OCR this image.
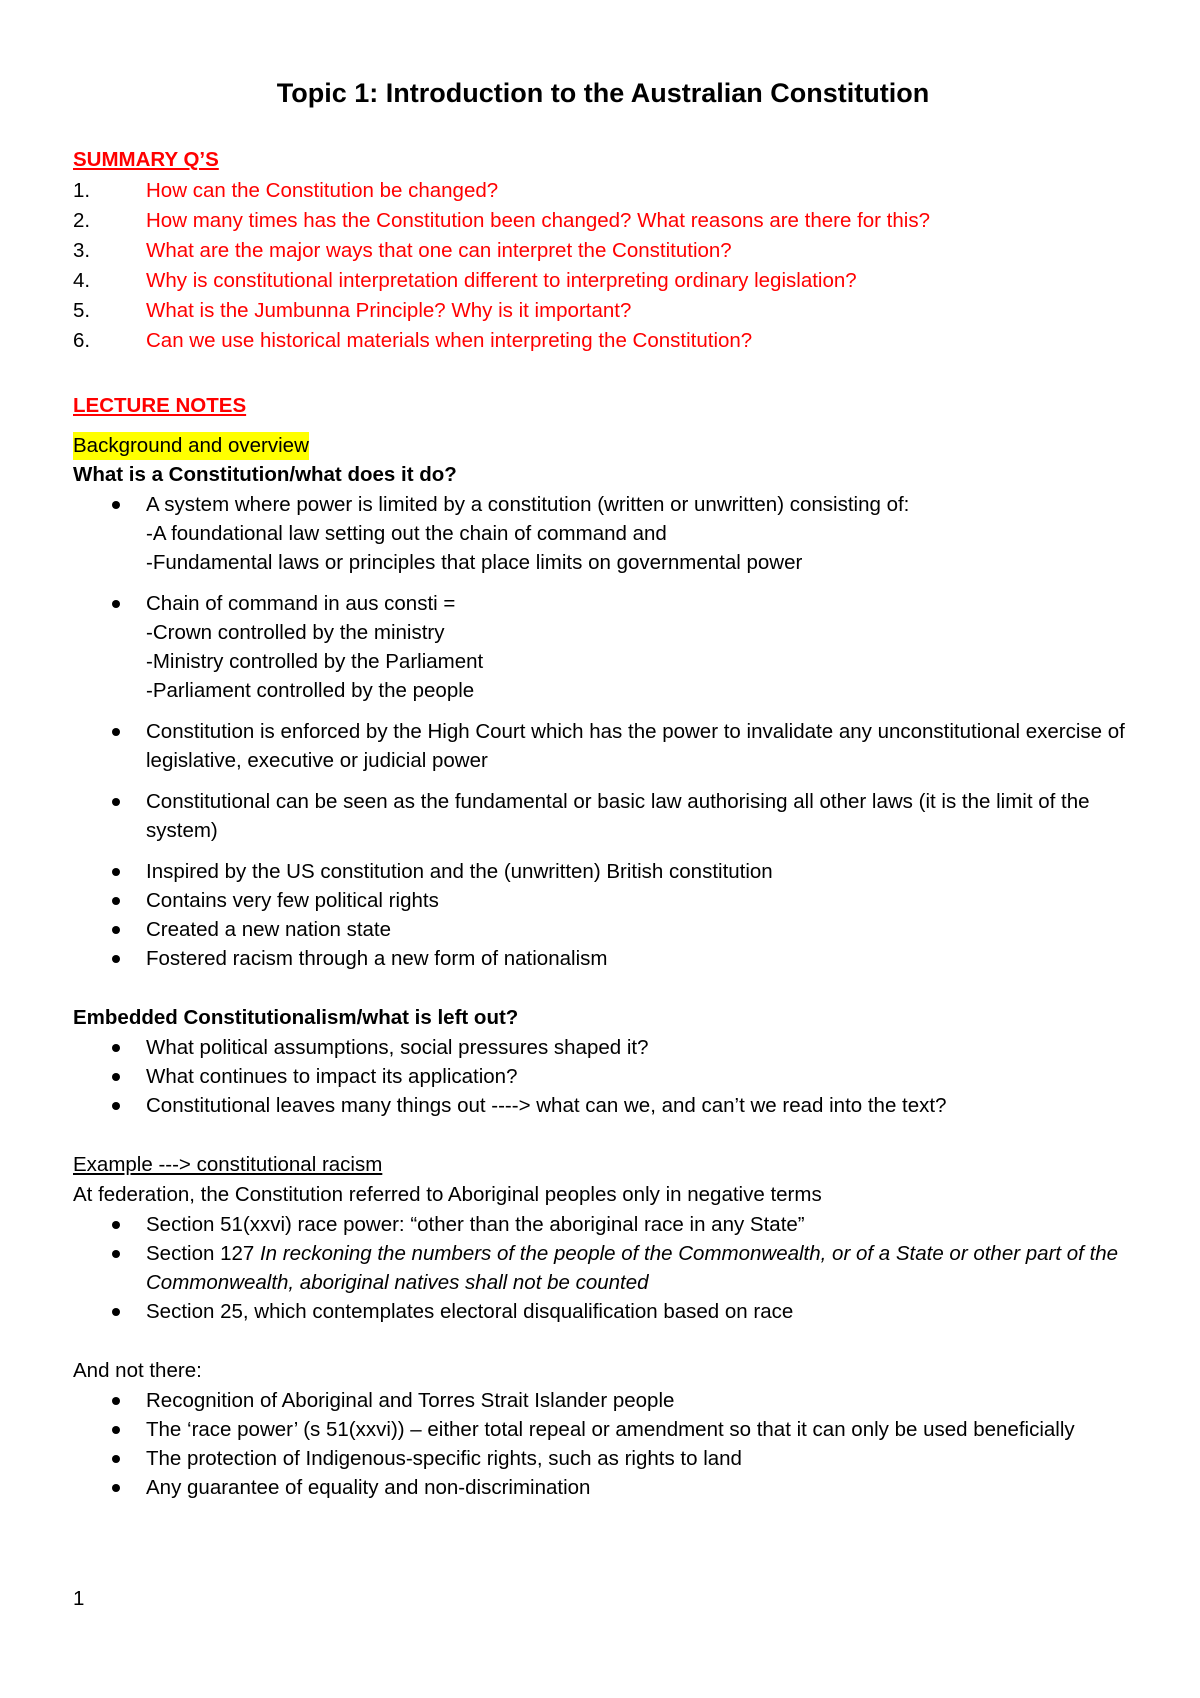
Topic 1: Introduction to the Australian Constitution

SUMMARY Q’S

1.	How can the Constitution be changed?
2.	How many times has the Constitution been changed? What reasons are there for this?
3.	What are the major ways that one can interpret the Constitution?
4.	Why is constitutional interpretation different to interpreting ordinary legislation?
5.	What is the Jumbunna Principle? Why is it important?
6.	Can we use historical materials when interpreting the Constitution?

LECTURE NOTES

Background and overview

What is a Constitution/what does it do?

A system where power is limited by a constitution (written or unwritten) consisting of:
-A foundational law setting out the chain of command and
-Fundamental laws or principles that place limits on governmental power
Chain of command in aus consti =
-Crown controlled by the ministry
-Ministry controlled by the Parliament
-Parliament controlled by the people
Constitution is enforced by the High Court which has the power to invalidate any unconstitutional exercise of legislative, executive or judicial power
Constitutional can be seen as the fundamental or basic law authorising all other laws (it is the limit of the system)
Inspired by the US constitution and the (unwritten) British constitution
Contains very few political rights
Created a new nation state
Fostered racism through a new form of nationalism

Embedded Constitutionalism/what is left out?

What political assumptions, social pressures shaped it?
What continues to impact its application?
Constitutional leaves many things out ----> what can we, and can’t we read into the text?

Example ---> constitutional racism

At federation, the Constitution referred to Aboriginal peoples only in negative terms

Section 51(xxvi) race power: “other than the aboriginal race in any State”
Section 127 In reckoning the numbers of the people of the Commonwealth, or of a State or other part of the Commonwealth, aboriginal natives shall not be counted
Section 25, which contemplates electoral disqualification based on race

And not there:

Recognition of Aboriginal and Torres Strait Islander people
The ‘race power’ (s 51(xxvi)) – either total repeal or amendment so that it can only be used beneficially
The protection of Indigenous-specific rights, such as rights to land
Any guarantee of equality and non-discrimination
1
